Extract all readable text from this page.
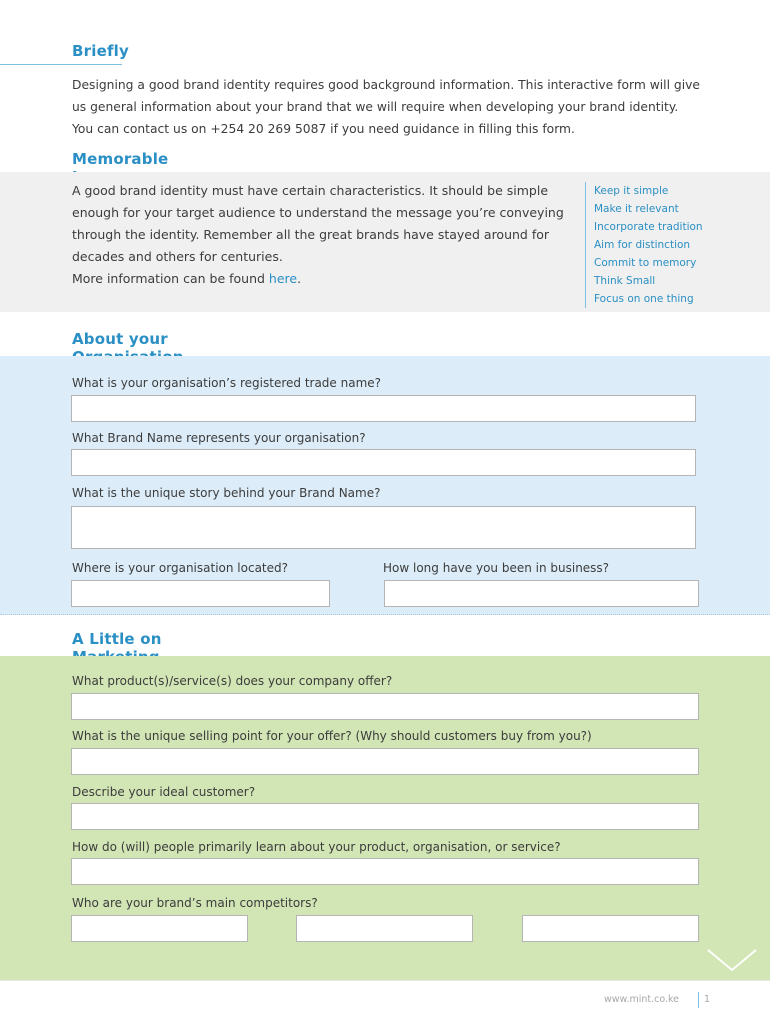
Briefly
Designing a good brand identity requires good background information. This interactive form will give
us general information about your brand that we will require when developing your brand identity.
You can contact us on +254 20 269 5087 if you need guidance in filling this form.
Memorable
A good brand identity must have certain characteristics. It should be simple
enough for your target audience to understand the message you’re conveying
through the identity. Remember all the great brands have stayed around for
decades and others for centuries.
More information can be found here.
Keep it simple
Make it relevant
Incorporate tradition
Aim for distinction
Commit to memory
Think Small
Focus on one thing
About your
What is your organisation’s registered trade name?
What Brand Name represents your organisation?
What is the unique story behind your Brand Name?
Where is your organisation located?	How long have you been in business?
A Little on
What product(s)/service(s) does your company offer?
What is the unique selling point for your offer? (Why should customers buy from you?)
Describe your ideal customer?
How do (will) people primarily learn about your product, organisation, or service?
Who are your brand’s main competitors?
www.mint.co.ke	1
